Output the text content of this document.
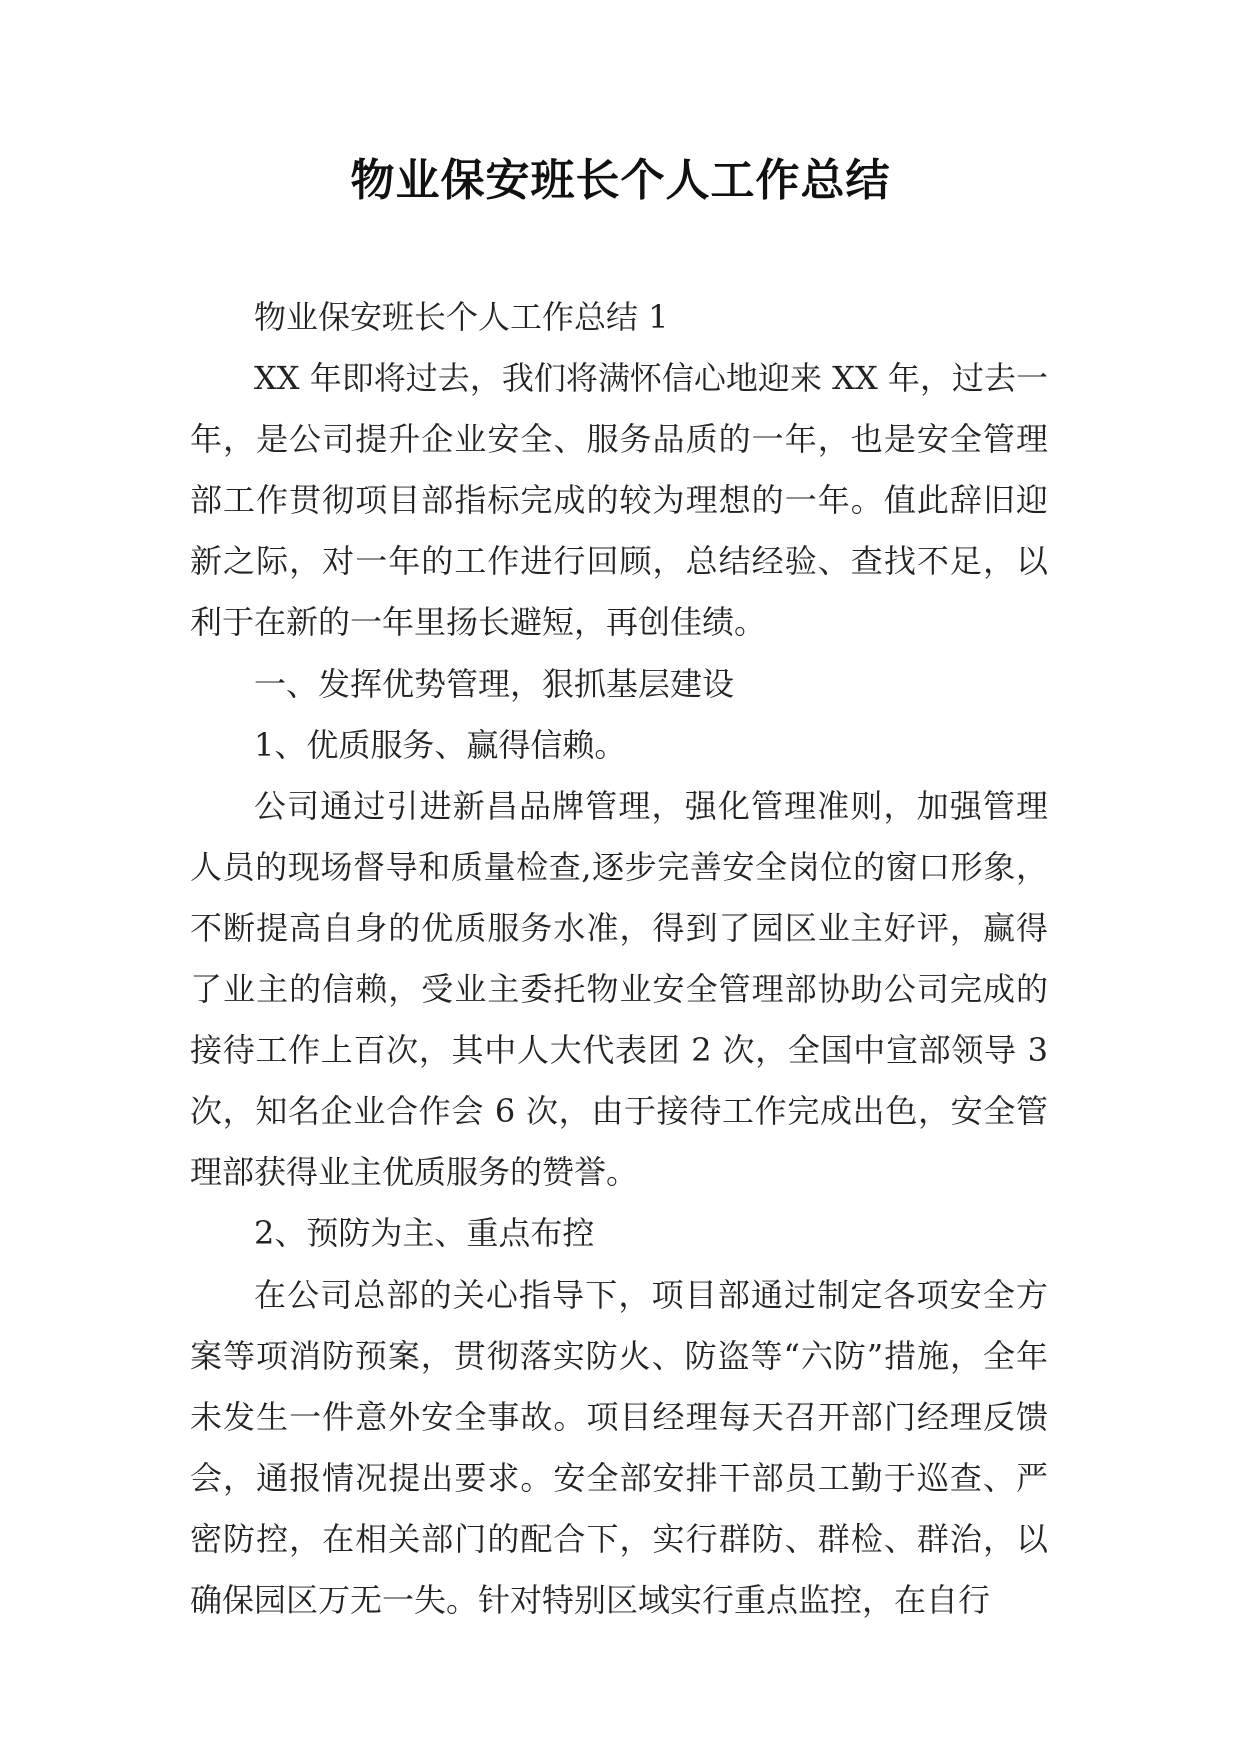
物业保安班长个人工作总结

物业保安班长个人工作总结 1

XX 年即将过去，我们将满怀信心地迎来 XX 年，过去一年，是公司提升企业安全、服务品质的一年，也是安全管理部工作贯彻项目部指标完成的较为理想的一年。值此辞旧迎新之际，对一年的工作进行回顾，总结经验、查找不足，以利于在新的一年里扬长避短，再创佳绩。

一、发挥优势管理，狠抓基层建设

1、优质服务、赢得信赖。

公司通过引进新昌品牌管理，强化管理准则，加强管理人员的现场督导和质量检查,逐步完善安全岗位的窗口形象，不断提高自身的优质服务水准，得到了园区业主好评，赢得了业主的信赖，受业主委托物业安全管理部协助公司完成的接待工作上百次，其中人大代表团 2 次，全国中宣部领导 3 次，知名企业合作会 6 次，由于接待工作完成出色，安全管理部获得业主优质服务的赞誉。

2、预防为主、重点布控

在公司总部的关心指导下，项目部通过制定各项安全方案等项消防预案，贯彻落实防火、防盗等“六防”措施，全年未发生一件意外安全事故。项目经理每天召开部门经理反馈会，通报情况提出要求。安全部安排干部员工勤于巡查、严密防控，在相关部门的配合下，实行群防、群检、群治，以确保园区万无一失。针对特别区域实行重点监控，在自行
